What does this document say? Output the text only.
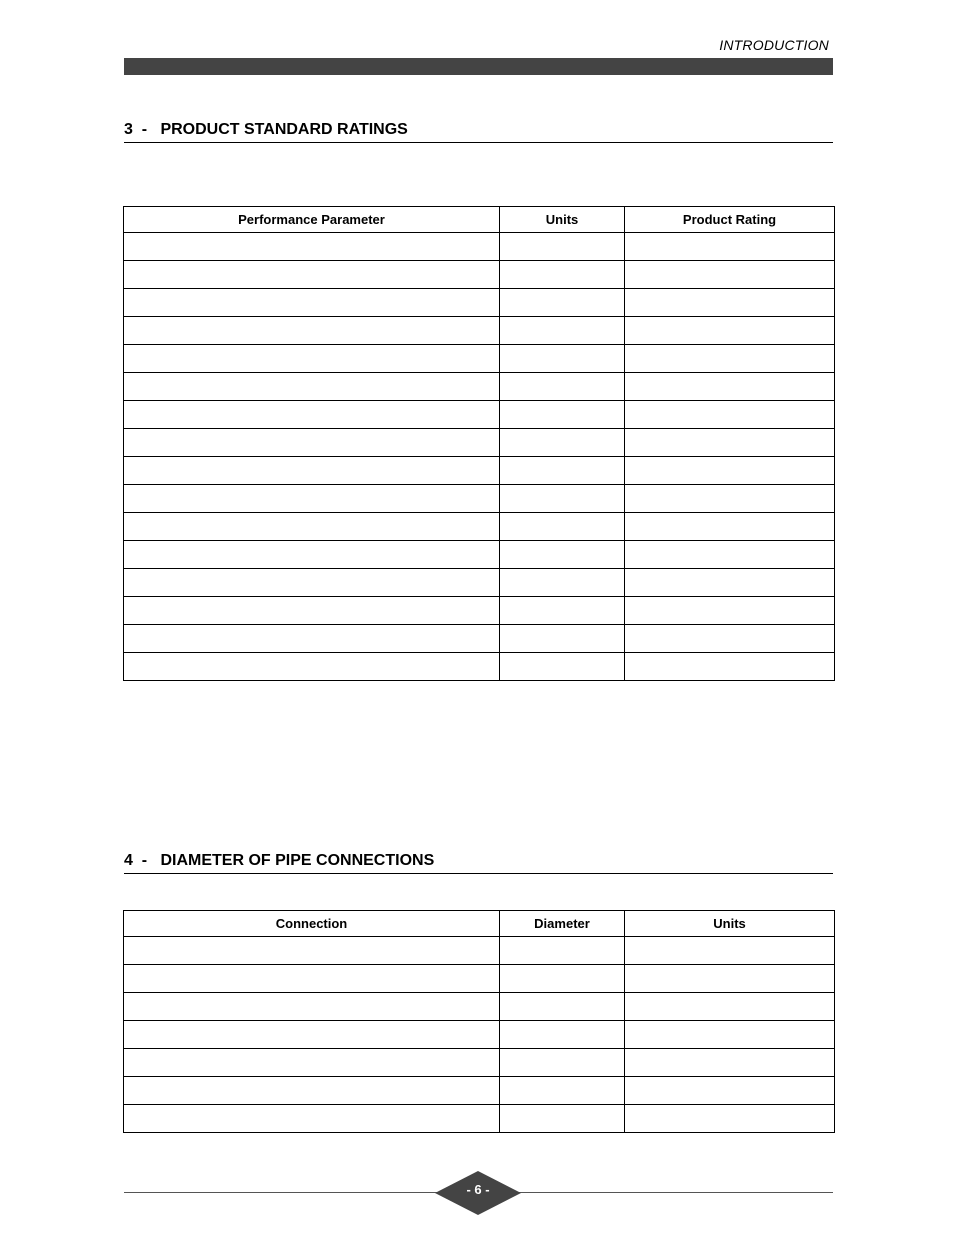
INTRODUCTION
3  -   PRODUCT STANDARD RATINGS
Performance Parameter	Units	Product Rating

4  -   DIAMETER OF PIPE CONNECTIONS
Connection	Diameter	Units

- 6 -
